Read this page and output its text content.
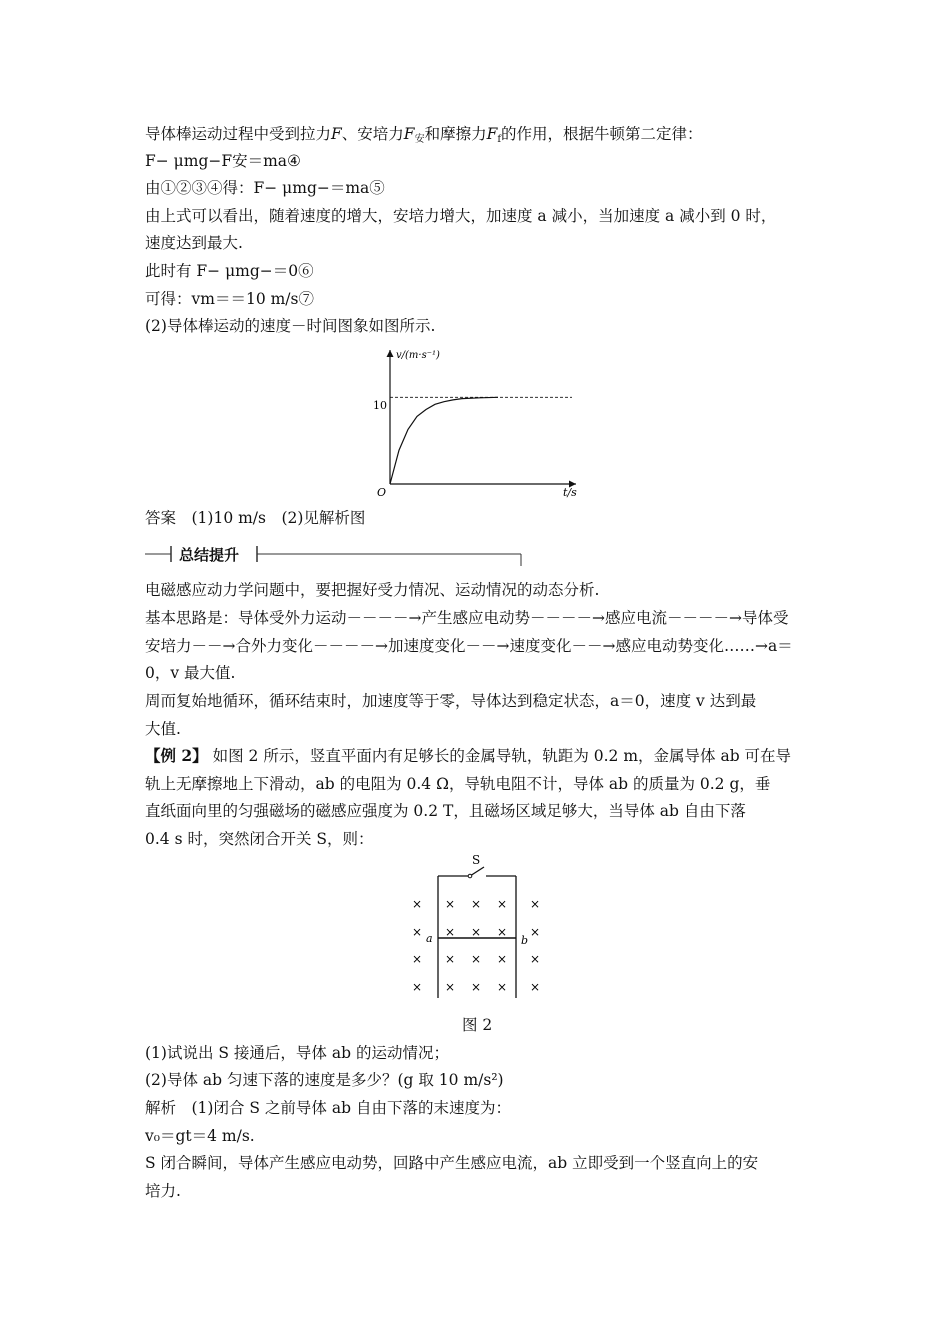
导体棒运动过程中受到拉力F、安培力$F_安$和摩擦力$F_f$的作用，根据牛顿第二定律：
F− μmg−F安＝ma④
由①②③④得：F− μmg−＝ma⑤
由上式可以看出，随着速度的增大，安培力增大，加速度 a 减小，当加速度 a 减小到 0 时，
速度达到最大.
此时有 F− μmg−＝0⑥
可得：vm＝＝10 m/s⑦
(2)导体棒运动的速度－时间图象如图所示.
v/(m·s⁻¹)
t/s
O
10
答案　(1)10 m/s　(2)见解析图
总结提升
电磁感应动力学问题中，要把握好受力情况、运动情况的动态分析.
基本思路是：导体受外力运动－－－－→产生感应电动势－－－－→感应电流－－－－→导体受
安培力－－→合外力变化－－－－→加速度变化－－→速度变化－－→感应电动势变化……→a＝
0，v 最大值.
周而复始地循环，循环结束时，加速度等于零，导体达到稳定状态，a＝0，速度 v 达到最
大值.
【例 2】 如图 2 所示，竖直平面内有足够长的金属导轨，轨距为 0.2 m，金属导体 ab 可在导
轨上无摩擦地上下滑动，ab 的电阻为 0.4 Ω，导轨电阻不计，导体 ab 的质量为 0.2 g，垂
直纸面向里的匀强磁场的磁感应强度为 0.2 T，且磁场区域足够大，当导体 ab 自由下落
0.4 s 时，突然闭合开关 S，则：
S
a	b
× × × × ×
× × × × ×
× × × × ×
× × × × ×
图 2
(1)试说出 S 接通后，导体 ab 的运动情况；
(2)导体 ab 匀速下落的速度是多少？(g 取 10 m/s²)
解析　(1)闭合 S 之前导体 ab 自由下落的末速度为：
v₀＝gt＝4 m/s.
S 闭合瞬间，导体产生感应电动势，回路中产生感应电流，ab 立即受到一个竖直向上的安
培力.
